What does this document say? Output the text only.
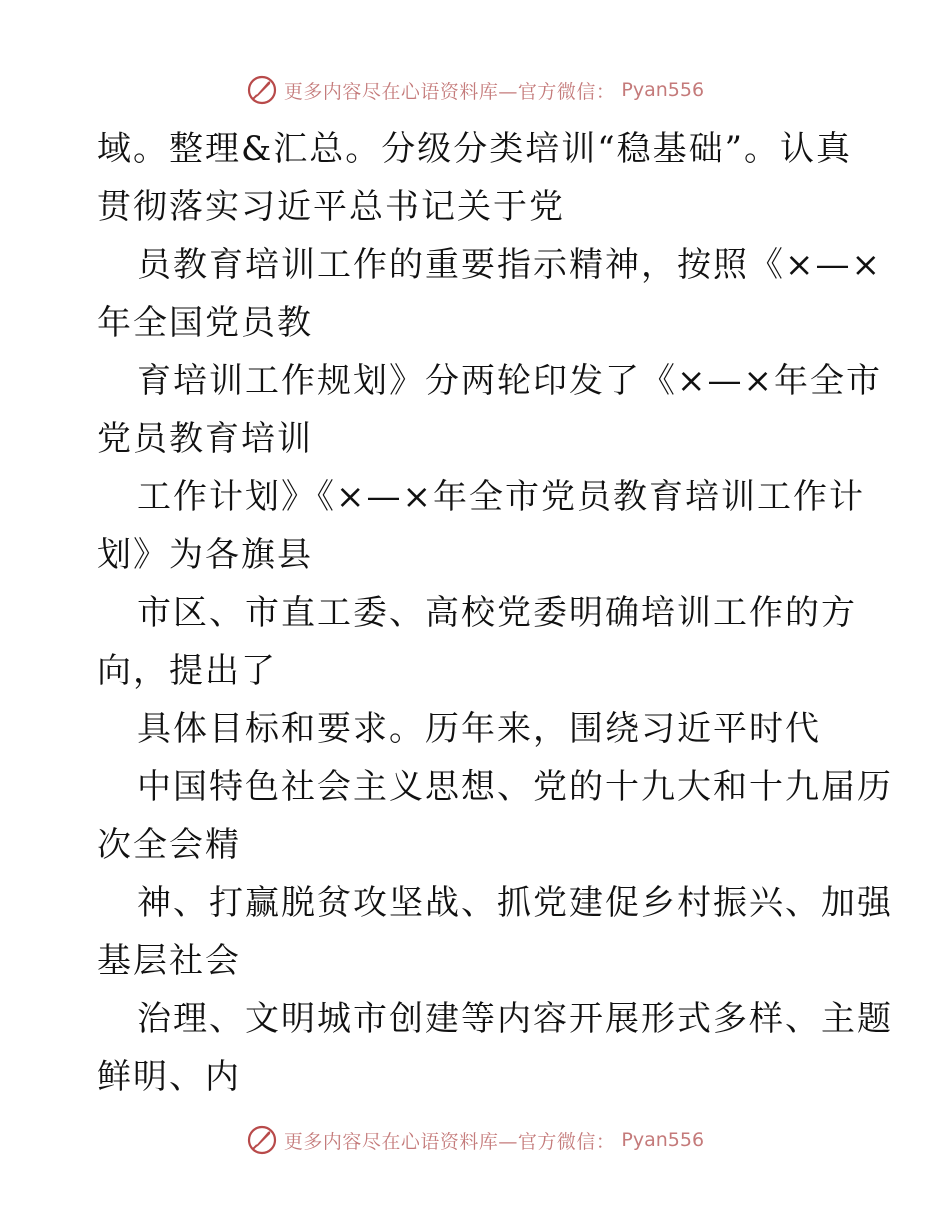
更多内容尽在心语资料库—官方微信： Pyan556
域。整理&汇总。分级分类培训“稳基础”。认真
贯彻落实习近平总书记关于党
员教育培训工作的重要指示精神，按照《×—×
年全国党员教
育培训工作规划》分两轮印发了《×—×年全市
党员教育培训
工作计划》《×—×年全市党员教育培训工作计
划》为各旗县
市区、市直工委、高校党委明确培训工作的方
向，提出了
具体目标和要求。历年来，围绕习近平时代
中国特色社会主义思想、党的十九大和十九届历
次全会精
神、打赢脱贫攻坚战、抓党建促乡村振兴、加强
基层社会
治理、文明城市创建等内容开展形式多样、主题
鲜明、内
更多内容尽在心语资料库—官方微信： Pyan556
